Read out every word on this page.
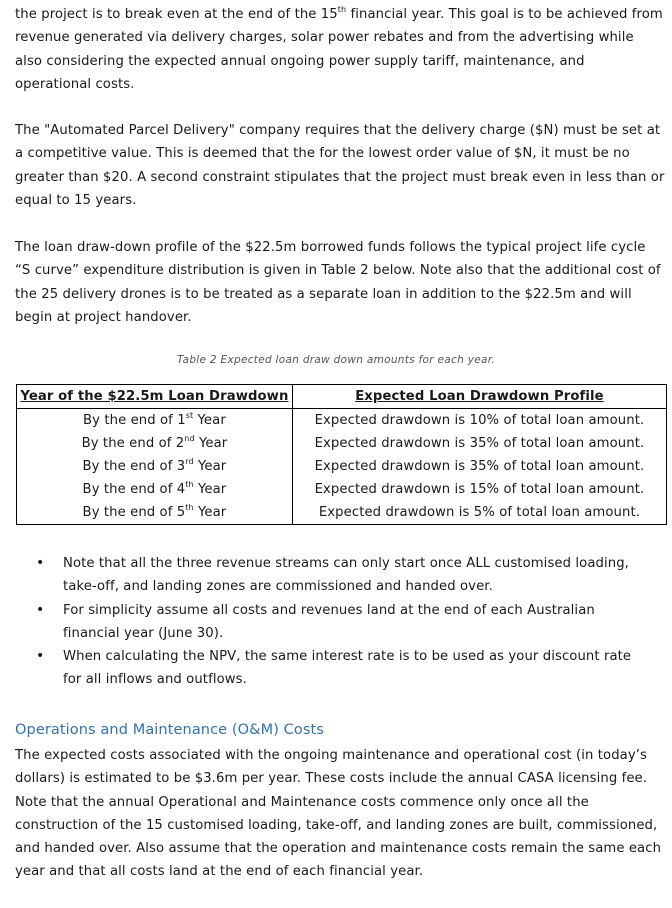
the project is to break even at the end of the 15th financial year. This goal is to be achieved from revenue generated via delivery charges, solar power rebates and from the advertising while also considering the expected annual ongoing power supply tariff, maintenance, and operational costs.

The "Automated Parcel Delivery" company requires that the delivery charge ($N) must be set at a competitive value. This is deemed that the for the lowest order value of $N, it must be no greater than $20. A second constraint stipulates that the project must break even in less than or equal to 15 years.

The loan draw-down profile of the $22.5m borrowed funds follows the typical project life cycle “S curve” expenditure distribution is given in Table 2 below. Note also that the additional cost of the 25 delivery drones is to be treated as a separate loan in addition to the $22.5m and will begin at project handover.

Table 2 Expected loan draw down amounts for each year.
Year of the $22.5m Loan Drawdown	Expected Loan Drawdown Profile
By the end of 1st Year	Expected drawdown is 10% of total loan amount.
By the end of 2nd Year	Expected drawdown is 35% of total loan amount.
By the end of 3rd Year	Expected drawdown is 35% of total loan amount.
By the end of 4th Year	Expected drawdown is 15% of total loan amount.
By the end of 5th Year	Expected drawdown is 5% of total loan amount.
• Note that all the three revenue streams can only start once ALL customised loading, take-off, and landing zones are commissioned and handed over.
• For simplicity assume all costs and revenues land at the end of each Australian financial year (June 30).
• When calculating the NPV, the same interest rate is to be used as your discount rate for all inflows and outflows.
Operations and Maintenance (O&M) Costs

The expected costs associated with the ongoing maintenance and operational cost (in today’s dollars) is estimated to be $3.6m per year. These costs include the annual CASA licensing fee. Note that the annual Operational and Maintenance costs commence only once all the construction of the 15 customised loading, take-off, and landing zones are built, commissioned, and handed over. Also assume that the operation and maintenance costs remain the same each year and that all costs land at the end of each financial year.
